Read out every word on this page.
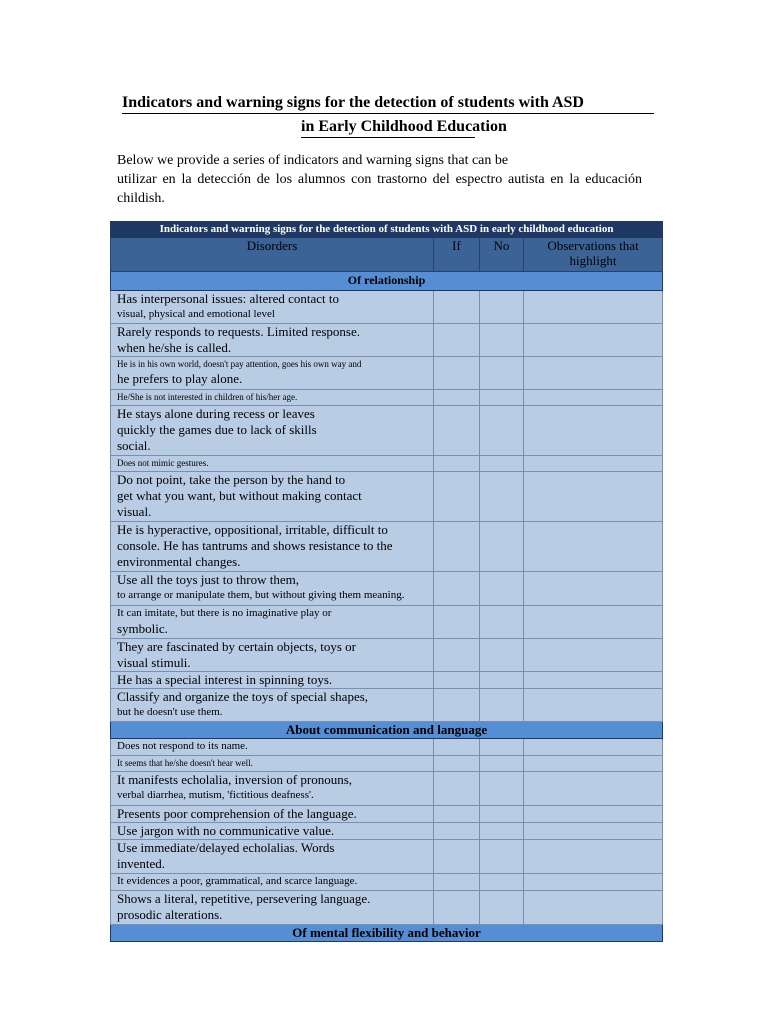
Indicators and warning signs for the detection of students with ASD
in Early Childhood Education
Below we provide a series of indicators and warning signs that can be
utilizar en la detección de los alumnos con trastorno del espectro autista en la educación
childish.
Indicators and warning signs for the detection of students with ASD in early childhood education			
Disorders	If	No	Observations that highlight
Of relationship			

Has interpersonal issues: altered contact to
visual, physical and emotional level			

Rarely responds to requests. Limited response.
when he/she is called.			

He is in his own world, doesn't pay attention, goes his own way and
he prefers to play alone.			

He/She is not interested in children of his/her age.			

He stays alone during recess or leaves
quickly the games due to lack of skills
social.			

Does not mimic gestures.			

Do not point, take the person by the hand to
get what you want, but without making contact
visual.			

He is hyperactive, oppositional, irritable, difficult to
console. He has tantrums and shows resistance to the
environmental changes.			

Use all the toys just to throw them,
to arrange or manipulate them, but without giving them meaning.			

It can imitate, but there is no imaginative play or
symbolic.			

They are fascinated by certain objects, toys or
visual stimuli.			

He has a special interest in spinning toys.			

Classify and organize the toys of special shapes,
but he doesn't use them.			

About communication and language			

Does not respond to its name.			

It seems that he/she doesn't hear well.			

It manifests echolalia, inversion of pronouns,
verbal diarrhea, mutism, 'fictitious deafness'.			

Presents poor comprehension of the language.			

Use jargon with no communicative value.			

Use immediate/delayed echolalias. Words
invented.			

It evidences a poor, grammatical, and scarce language.			

Shows a literal, repetitive, persevering language.
prosodic alterations.			

Of mental flexibility and behavior			
